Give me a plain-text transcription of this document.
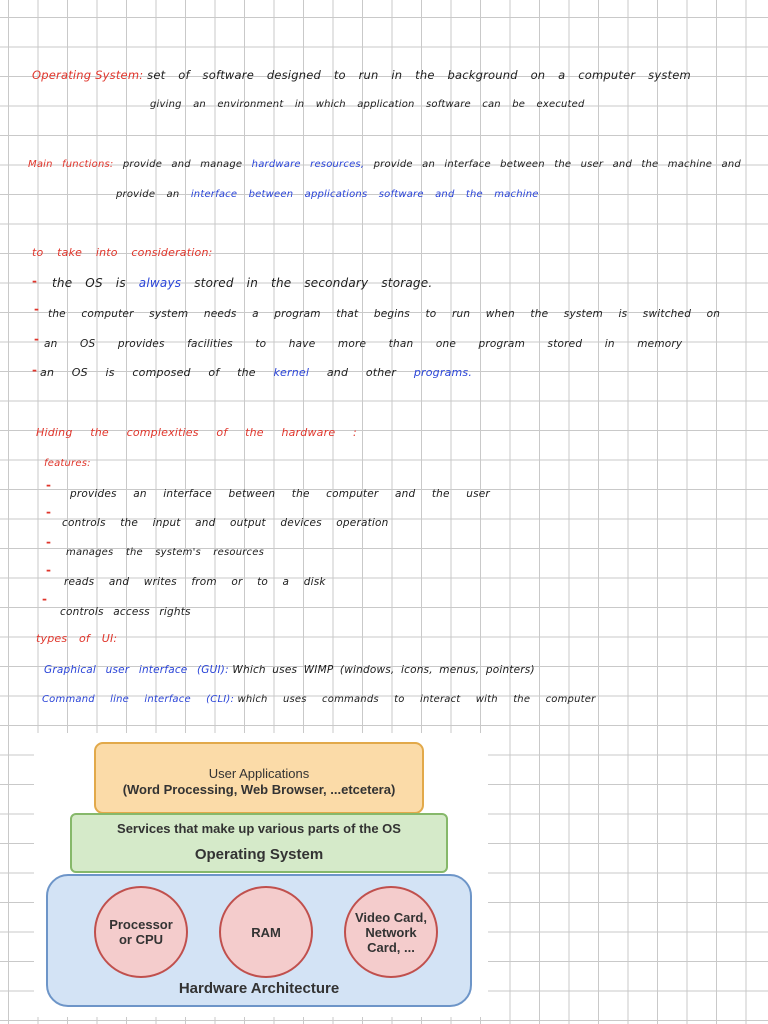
Operating System: set of software designed to run in the background on a computer system
giving an environment in which application software can be executed
Main functions: provide and manage hardware resources, provide an interface between the user and the machine and
provide an interface between applications software and the machine
to take into consideration:
- the OS is always stored in the secondary storage.
- the computer system needs a program that begins to run when the system is switched on
- an OS provides facilities to have more than one program stored in memory
- an OS is composed of the kernel and other programs.
Hiding the complexities of the hardware :
features:
-
provides an interface between the computer and the user
-
controls the input and output devices operation
-
manages the system's resources
-
reads and writes from or to a disk
-
controls access rights
types of UI:
Graphical user interface (GUI): Which uses WIMP (windows, icons, menus, pointers)
Command line interface (CLI): which uses commands to interact with the computer
User Applications
(Word Processing, Web Browser, ...etcetera)
Services that make up various parts of the OS
Operating System
Processor
or CPU	RAM
Video Card,
Network
Card, ...
Hardware Architecture
